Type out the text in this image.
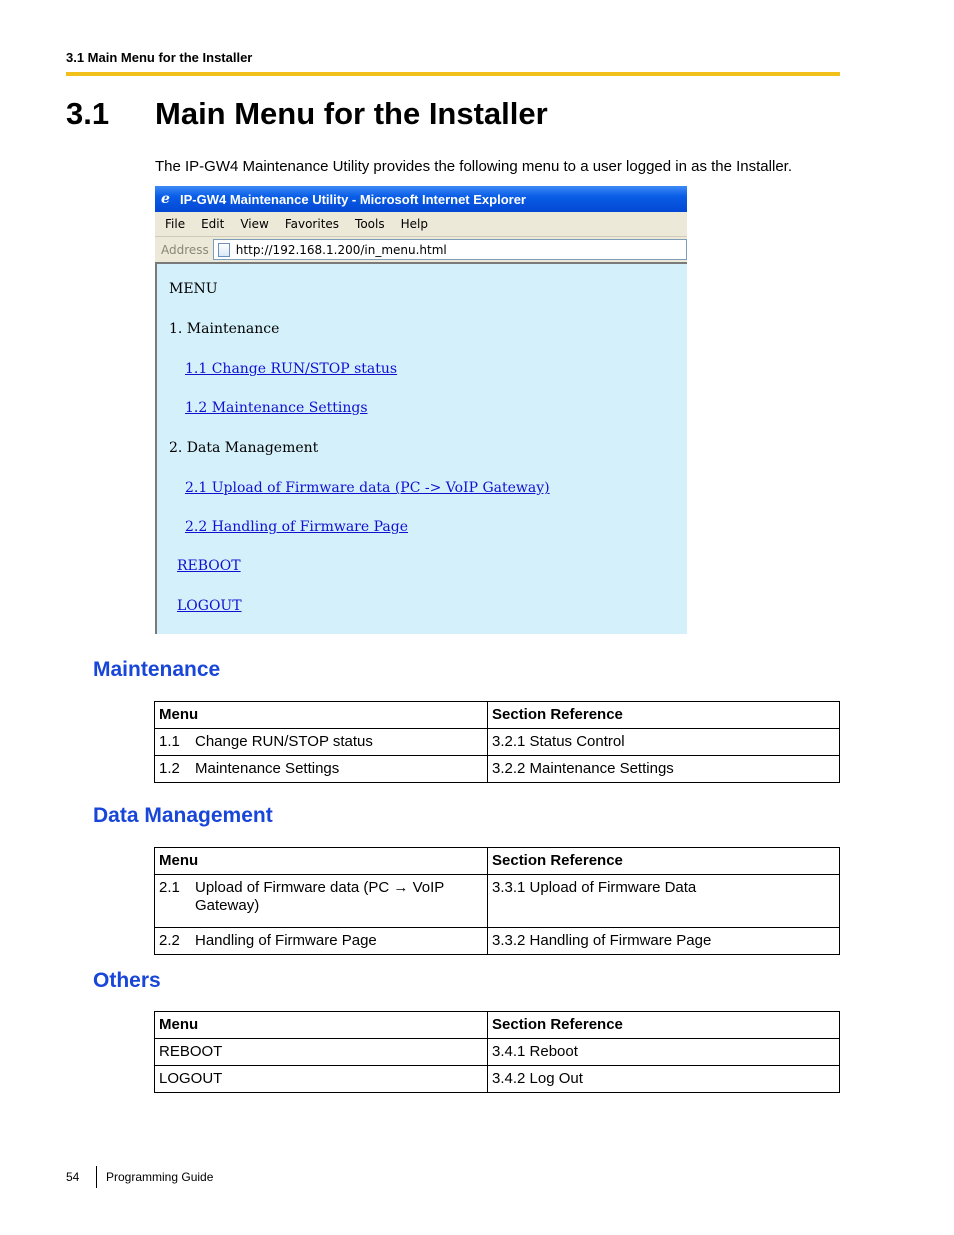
3.1 Main Menu for the Installer
3.1 Main Menu for the Installer

The IP-GW4 Maintenance Utility provides the following menu to a user logged in as the Installer.

e IP-GW4 Maintenance Utility - Microsoft Internet Explorer
File Edit View Favorites Tools Help
Address	http://192.168.1.200/in_menu.html
MENU
1. Maintenance
1.1 Change RUN/STOP status
1.2 Maintenance Settings
2. Data Management
2.1 Upload of Firmware data (PC -> VoIP Gateway)
2.2 Handling of Firmware Page
REBOOT
LOGOUT
Maintenance
Menu	Section Reference

1.1 Change RUN/STOP status	3.2.1 Status Control

1.2 Maintenance Settings	3.2.2 Maintenance Settings
Data Management
Menu	Section Reference

2.1 Upload of Firmware data (PC → VoIP Gateway)	3.3.1 Upload of Firmware Data

2.2 Handling of Firmware Page	3.3.2 Handling of Firmware Page
Others
Menu	Section Reference
REBOOT	3.4.1 Reboot
LOGOUT	3.4.2 Log Out
54	Programming Guide
